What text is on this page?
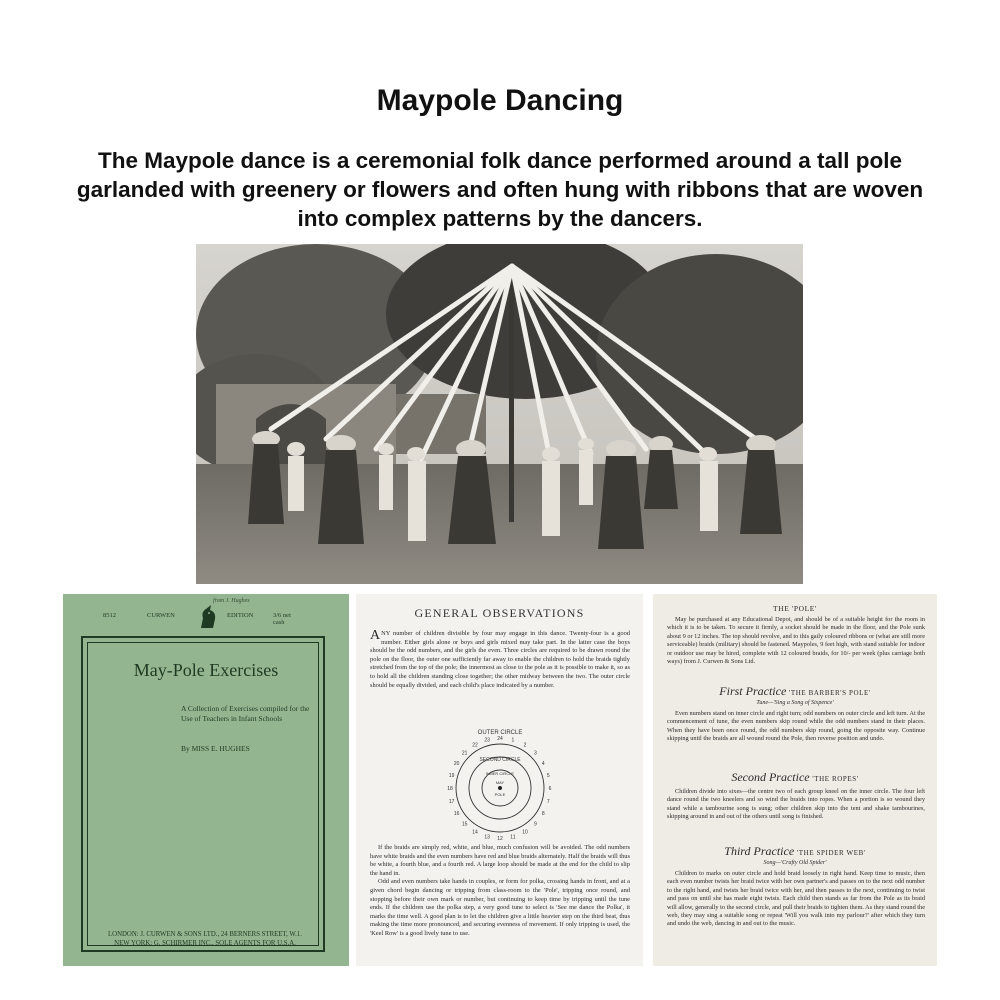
Maypole Dancing
The Maypole dance is a ceremonial folk dance performed around a tall pole garlanded with greenery or flowers and often hung with ribbons that are woven into complex patterns by the dancers.
from J. Hughes
8512	CURWEN	EDITION	3/6 net cash
May-Pole Exercises
A Collection of Exercises compiled for the Use of Teachers in Infant Schools
By MISS E. HUGHES
LONDON: J. CURWEN & SONS LTD., 24 BERNERS STREET, W.1.
NEW YORK: G. SCHIRMER INC., SOLE AGENTS FOR U.S.A.
GENERAL OBSERVATIONS
ANY number of children divisible by four may engage in this dance. Twenty-four is a good number. Either girls alone or boys and girls mixed may take part. In the latter case the boys should be the odd numbers, and the girls the even. Three circles are required to be drawn round the pole on the floor, the outer one sufficiently far away to enable the children to hold the braids tightly stretched from the top of the pole; the innermost as close to the pole as it is possible to make it, so as to hold all the children standing close together; the other midway between the two. The outer circle should be equally divided, and each child's place indicated by a number.
OUTER CIRCLE
SECOND CIRCLE
INNER CIRCLE
MAY
POLE
1
2
3
4
5
6
7
8
9
10
11
12
13
14
15
16
17
18
19
20
21
22
23 24

If the braids are simply red, white, and blue, much confusion will be avoided. The odd numbers have white braids and the even numbers have red and blue braids alternately. Half the braids will thus be white, a fourth blue, and a fourth red. A large loop should be made at the end for the child to slip the hand in.

Odd and even numbers take hands in couples, or form for polka, crossing hands in front, and at a given chord begin dancing or tripping from class-room to the 'Pole', tripping once round, and stopping before their own mark or number, but continuing to keep time by tripping until the tune ends. If the children use the polka step, a very good tune to select is 'See me dance the Polka', it marks the time well. A good plan is to let the children give a little heavier step on the third beat, thus making the time more pronounced, and securing evenness of movement. If only tripping is used, the 'Keel Row' is a good lively tune to use.

THE 'POLE'

May be purchased at any Educational Depot, and should be of a suitable height for the room in which it is to be taken. To secure it firmly, a socket should be made in the floor, and the Pole sunk about 9 or 12 inches. The top should revolve, and to this gaily coloured ribbons or (what are still more serviceable) braids (military) should be fastened. Maypoles, 9 feet high, with stand suitable for indoor or outdoor use may be hired, complete with 12 coloured braids, for 10/- per week (plus carriage both ways) from J. Curwen & Sons Ltd.

First Practice 'THE BARBER'S POLE'
Tune—'Sing a Song of Sixpence'

Even numbers stand on inner circle and right turn; odd numbers on outer circle and left turn. At the commencement of tune, the even numbers skip round while the odd numbers stand in their places. When they have been once round, the odd numbers skip round, going the opposite way. Continue skipping until the braids are all wound round the Pole, then reverse position and undo.

Second Practice 'THE ROPES'

Children divide into sixes—the centre two of each group kneel on the inner circle. The four left dance round the two kneelers and so wind the braids into ropes. When a portion is so wound they stand while a tambourine song is sung; other children skip into the tent and shake tambourines, skipping around in and out of the others until song is finished.

Third Practice 'THE SPIDER WEB'
Song—'Crafty Old Spider'

Children to marks on outer circle and hold braid loosely in right hand. Keep time to music, then each even number twists her braid twice with her own partner's and passes on to the next odd number to the right hand, and twists her braid twice with her, and then passes to the next, continuing to twist and pass on until she has made eight twists. Each child then stands as far from the Pole as its braid will allow, generally to the second circle, and pull their braids to tighten them. As they stand round the web, they may sing a suitable song or repeat 'Will you walk into my parlour?' after which they turn and undo the web, dancing in and out to the music.
